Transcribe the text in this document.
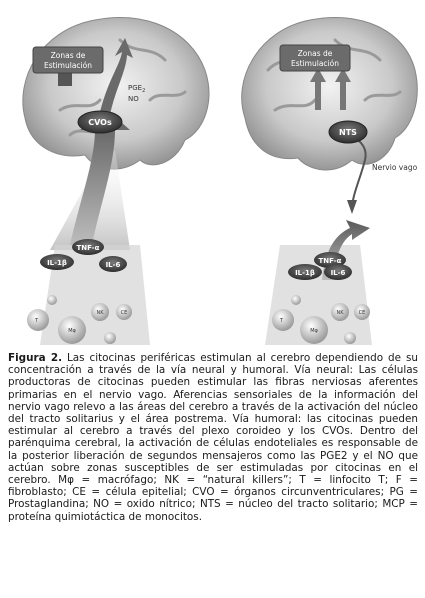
Zonas de
Estimulación
$PGE_2$
NO
CVOs
TNF-α
IL-1β	IL-6
T
NK	CE
Mφ
Zonas de
Estimulación
NTS
Nervio vago
TNF-α
IL-1β IL-6
T
NK	CE
Mφ

Figura 2. Las citocinas periféricas estimulan al cerebro dependiendo de su concentración a través de la vía neural y humoral. Vía neural: Las células productoras de citocinas pueden estimular las fibras nerviosas aferentes primarias en el nervio vago. Aferencias sensoriales de la información del nervio vago relevo a las áreas del cerebro a través de la activación del núcleo del tracto solitarius y el área postrema. Vía humoral: las citocinas pueden estimular al cerebro a través del plexo coroideo y los CVOs. Dentro del parénquima cerebral, la activación de células endoteliales es responsable de la posterior liberación de segundos mensajeros como las PGE2 y el NO que actúan sobre zonas susceptibles de ser estimuladas por citocinas en el cerebro. Mφ = macrófago; NK = “natural killers”; T = linfocito T; F = fibroblasto; CE = célula epitelial; CVO = órganos circunventriculares; PG = Prostaglandina; NO = oxido nítrico; NTS = núcleo del tracto solitario; MCP = proteína quimiotáctica de monocitos.
